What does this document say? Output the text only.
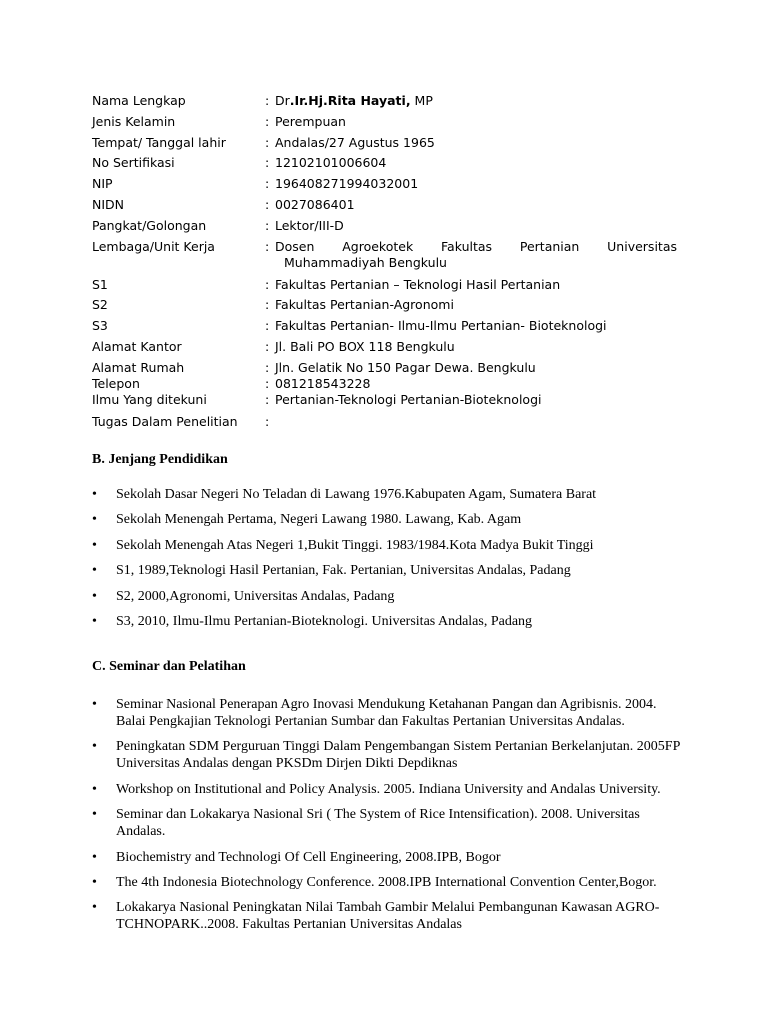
Nama Lengkap	: Dr.Ir.Hj.Rita Hayati, MP
Jenis Kelamin	: Perempuan
Tempat/ Tanggal lahir	: Andalas/27 Agustus 1965
No Sertifikasi	: 12102101006604
NIP	: 196408271994032001
NIDN	: 0027086401
Pangkat/Golongan	: Lektor/III-D
Lembaga/Unit Kerja	: Dosen Agroekotek Fakultas Pertanian Universitas
Muhammadiyah Bengkulu
S1	: Fakultas Pertanian – Teknologi Hasil Pertanian
S2	: Fakultas Pertanian-Agronomi
S3	: Fakultas Pertanian- Ilmu-Ilmu Pertanian- Bioteknologi
Alamat Kantor	: Jl. Bali PO BOX 118 Bengkulu
Alamat Rumah	: Jln. Gelatik No 150 Pagar Dewa. Bengkulu
Telepon	: 081218543228
Ilmu Yang ditekuni	: Pertanian-Teknologi Pertanian-Bioteknologi
Tugas Dalam Penelitian	:
B. Jenjang Pendidikan
• Sekolah Dasar Negeri No Teladan di Lawang 1976.Kabupaten Agam, Sumatera Barat
• Sekolah Menengah Pertama, Negeri Lawang 1980. Lawang, Kab. Agam
• Sekolah Menengah Atas Negeri 1,Bukit Tinggi. 1983/1984.Kota Madya Bukit Tinggi
• S1, 1989,Teknologi Hasil Pertanian, Fak. Pertanian, Universitas Andalas, Padang
• S2, 2000,Agronomi, Universitas Andalas, Padang
• S3, 2010, Ilmu-Ilmu Pertanian-Bioteknologi. Universitas Andalas, Padang
C. Seminar dan Pelatihan
• Seminar Nasional Penerapan Agro Inovasi Mendukung Ketahanan Pangan dan Agribisnis. 2004. Balai Pengkajian Teknologi Pertanian Sumbar dan Fakultas Pertanian Universitas Andalas.
• Peningkatan SDM Perguruan Tinggi Dalam Pengembangan Sistem Pertanian Berkelanjutan. 2005FP Universitas Andalas dengan PKSDm Dirjen Dikti Depdiknas
• Workshop on Institutional and Policy Analysis. 2005. Indiana University and Andalas University.
• Seminar dan Lokakarya Nasional Sri ( The System of Rice Intensification). 2008. Universitas Andalas.
• Biochemistry and Technologi Of Cell Engineering, 2008.IPB, Bogor
• The 4th Indonesia Biotechnology Conference. 2008.IPB International Convention Center,Bogor.
• Lokakarya Nasional Peningkatan Nilai Tambah Gambir Melalui Pembangunan Kawasan AGRO-TCHNOPARK..2008. Fakultas Pertanian Universitas Andalas
